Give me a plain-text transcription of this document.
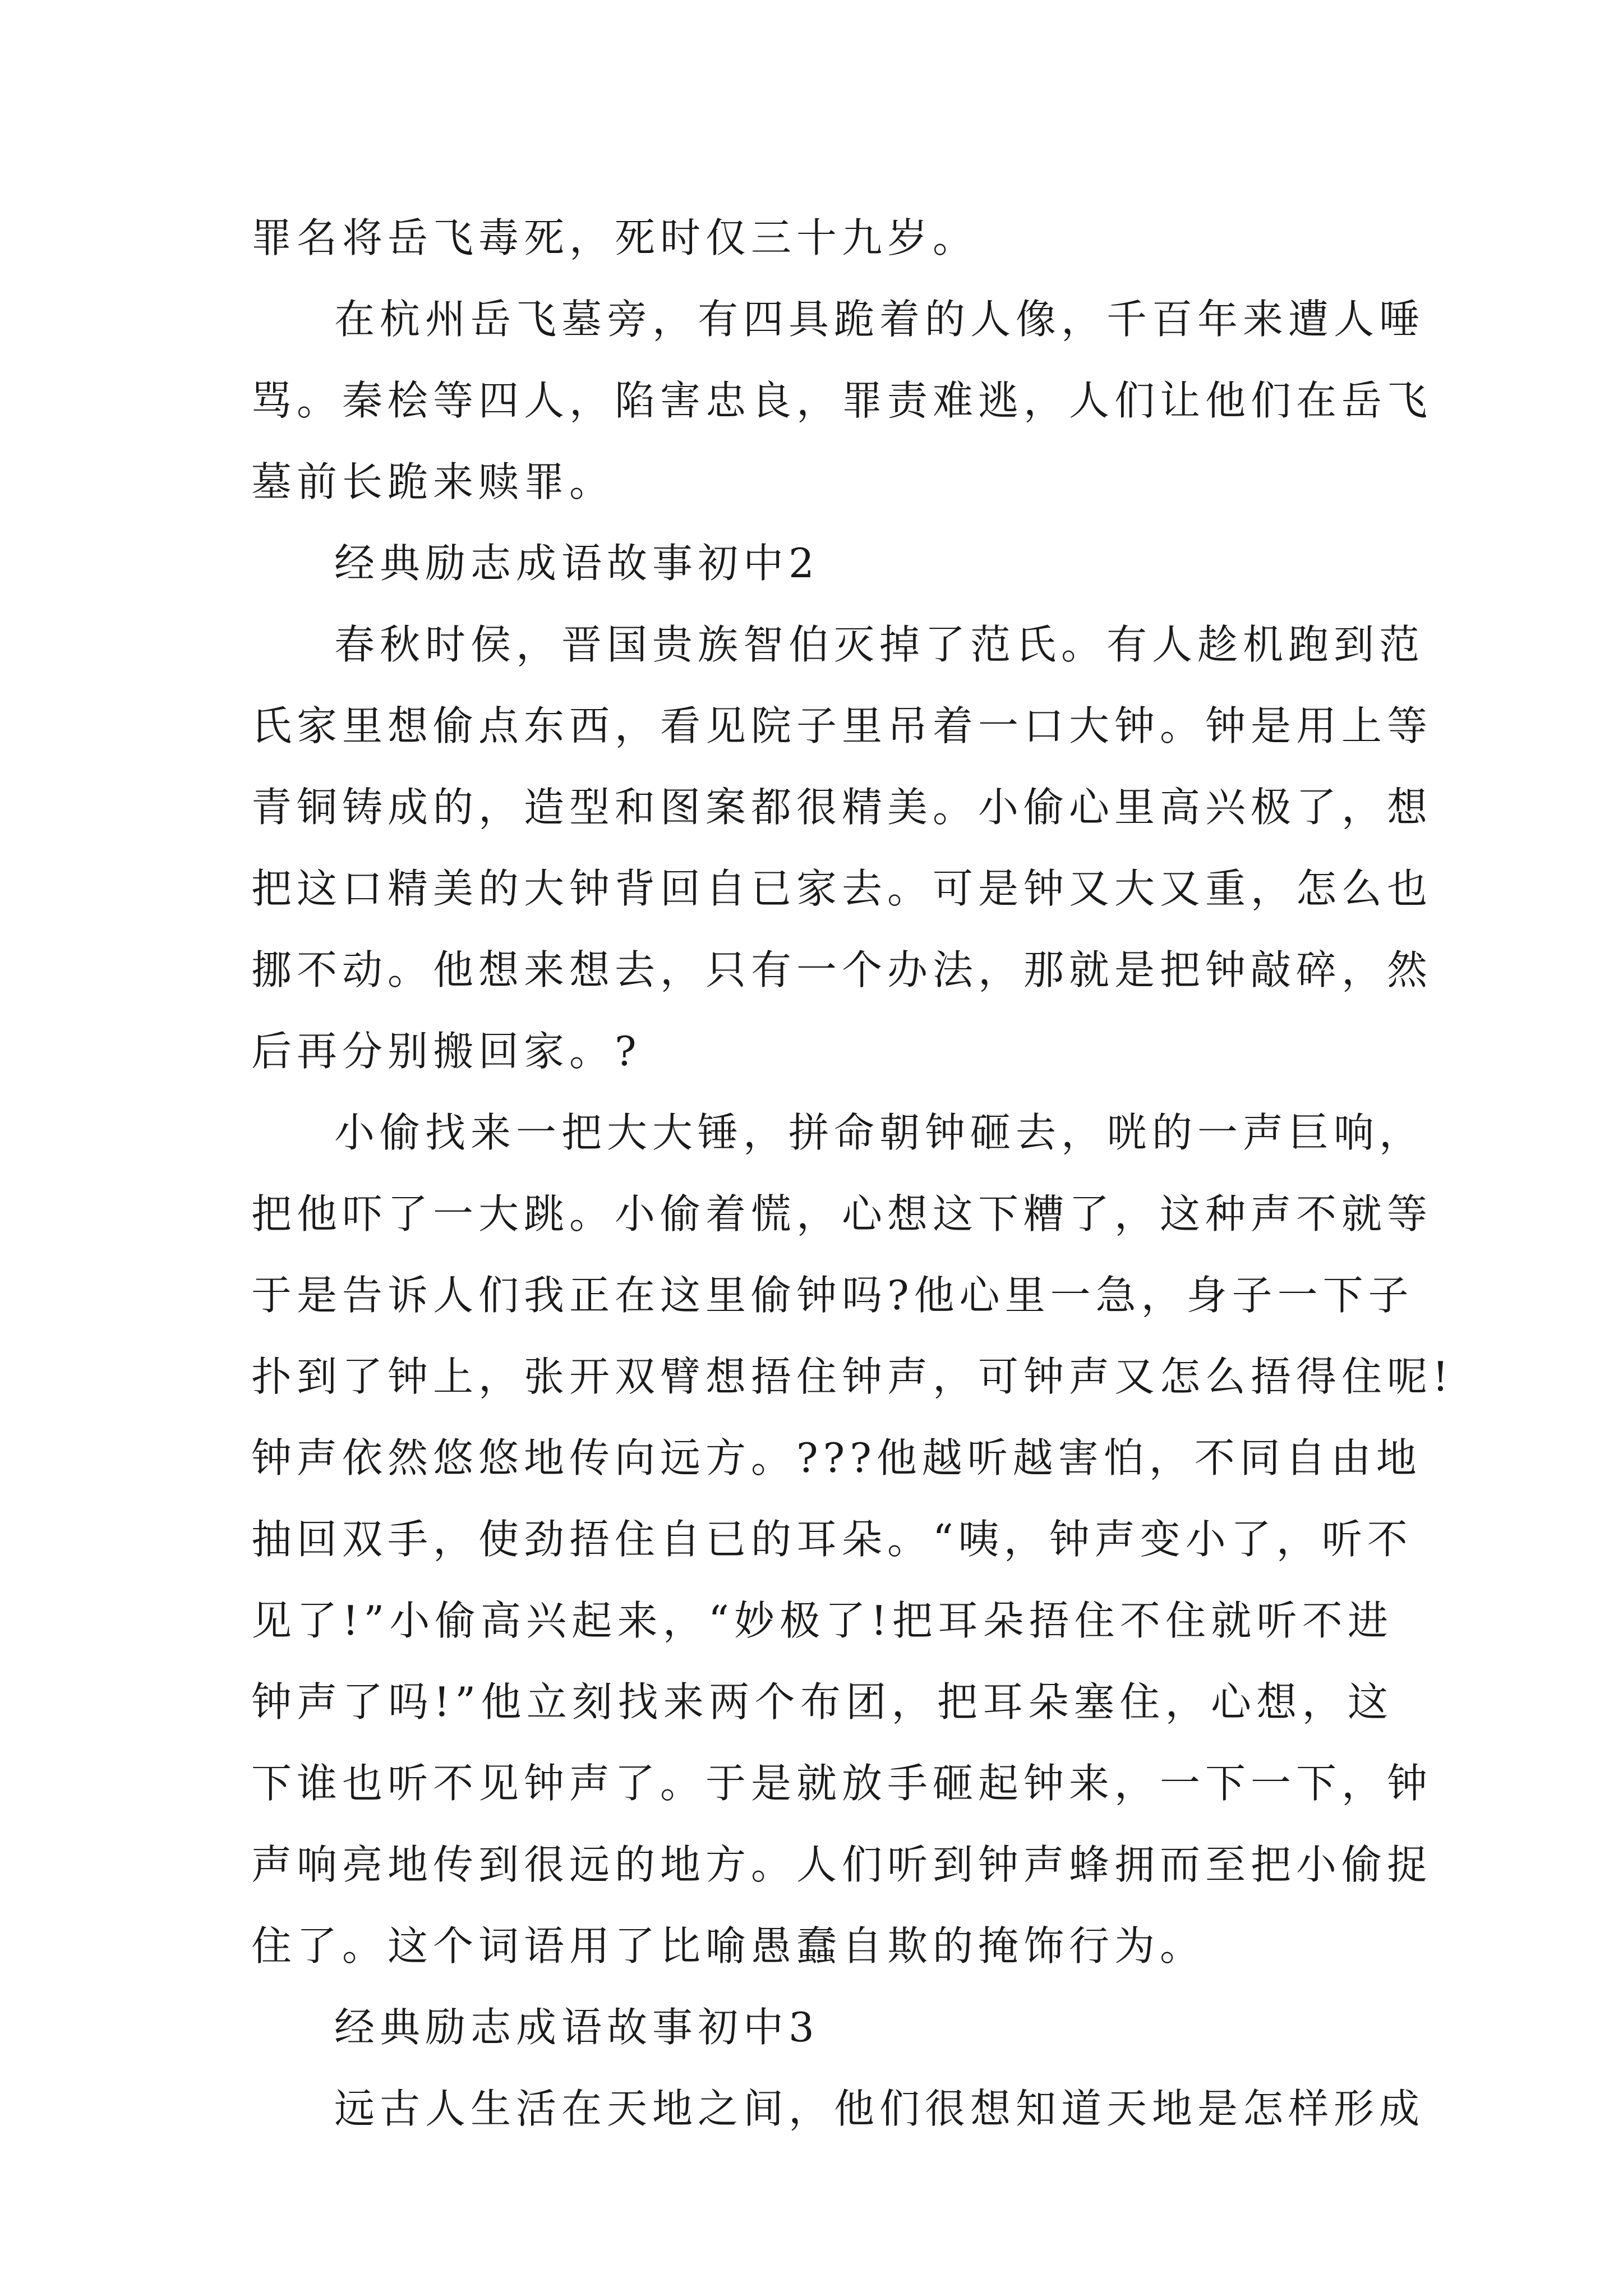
罪名将岳飞毒死，死时仅三十九岁。
在杭州岳飞墓旁，有四具跪着的人像，千百年来遭人唾
骂。秦桧等四人，陷害忠良，罪责难逃，人们让他们在岳飞
墓前长跪来赎罪。
经典励志成语故事初中2
春秋时侯，晋国贵族智伯灭掉了范氏。有人趁机跑到范
氏家里想偷点东西，看见院子里吊着一口大钟。钟是用上等
青铜铸成的，造型和图案都很精美。小偷心里高兴极了，想
把这口精美的大钟背回自已家去。可是钟又大又重，怎么也
挪不动。他想来想去，只有一个办法，那就是把钟敲碎，然
后再分别搬回家。?
小偷找来一把大大锤，拼命朝钟砸去，咣的一声巨响，
把他吓了一大跳。小偷着慌，心想这下糟了，这种声不就等
于是告诉人们我正在这里偷钟吗?他心里一急，身子一下子
扑到了钟上，张开双臂想捂住钟声，可钟声又怎么捂得住呢!
钟声依然悠悠地传向远方。???他越听越害怕，不同自由地
抽回双手，使劲捂住自已的耳朵。“咦，钟声变小了，听不
见了!”小偷高兴起来，“妙极了!把耳朵捂住不住就听不进
钟声了吗!”他立刻找来两个布团，把耳朵塞住，心想，这
下谁也听不见钟声了。于是就放手砸起钟来，一下一下，钟
声响亮地传到很远的地方。人们听到钟声蜂拥而至把小偷捉
住了。这个词语用了比喻愚蠢自欺的掩饰行为。
经典励志成语故事初中3
远古人生活在天地之间，他们很想知道天地是怎样形成
